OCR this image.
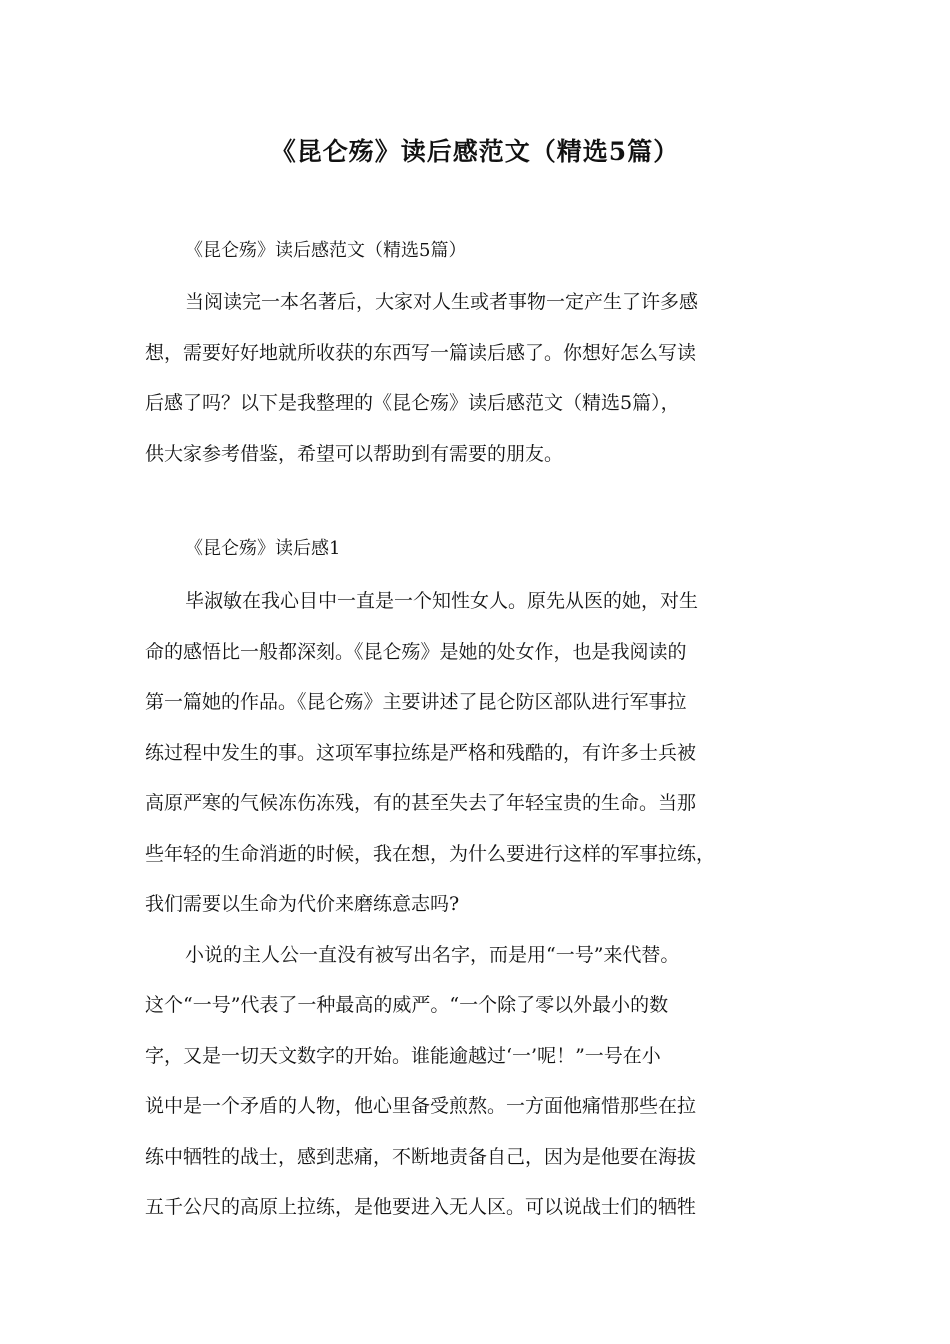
《昆仑殇》读后感范文（精选5篇）

《昆仑殇》读后感范文（精选5篇）

当阅读完一本名著后，大家对人生或者事物一定产生了许多感
想，需要好好地就所收获的东西写一篇读后感了。你想好怎么写读
后感了吗？以下是我整理的《昆仑殇》读后感范文（精选5篇），
供大家参考借鉴，希望可以帮助到有需要的朋友。

《昆仑殇》读后感1

毕淑敏在我心目中一直是一个知性女人。原先从医的她，对生
命的感悟比一般都深刻。《昆仑殇》是她的处女作，也是我阅读的
第一篇她的作品。《昆仑殇》主要讲述了昆仑防区部队进行军事拉
练过程中发生的事。这项军事拉练是严格和残酷的，有许多士兵被
高原严寒的气候冻伤冻残，有的甚至失去了年轻宝贵的生命。当那
些年轻的生命消逝的时候，我在想，为什么要进行这样的军事拉练，
我们需要以生命为代价来磨练意志吗?

小说的主人公一直没有被写出名字，而是用“一号”来代替。
这个“一号”代表了一种最高的威严。“一个除了零以外最小的数
字，又是一切天文数字的开始。谁能逾越过‘一’呢！”一号在小
说中是一个矛盾的人物，他心里备受煎熬。一方面他痛惜那些在拉
练中牺牲的战士，感到悲痛，不断地责备自己，因为是他要在海拔
五千公尺的高原上拉练，是他要进入无人区。可以说战士们的牺牲
